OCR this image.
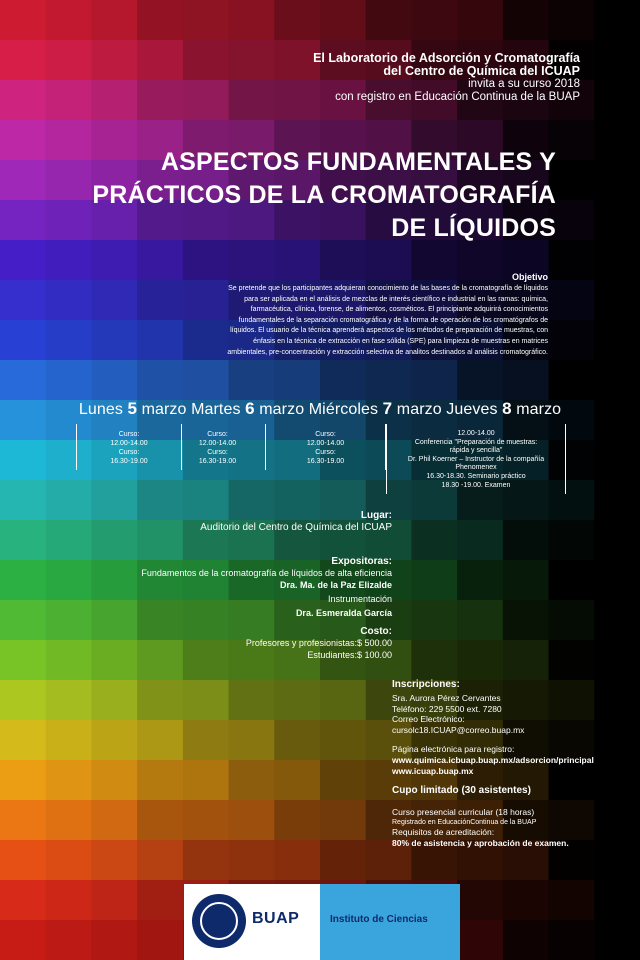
El Laboratorio de Adsorción y Cromatografía
del Centro de Química del ICUAP
invita a su curso 2018
con registro en Educación Continua de la BUAP
ASPECTOS FUNDAMENTALES Y
PRÁCTICOS DE LA CROMATOGRAFÍA
DE LÍQUIDOS
Objetivo
Se pretende que los participantes adquieran conocimiento de las bases de la cromatografía de líquidos para ser aplicada en el análisis de mezclas de interés científico e industrial en las ramas: química, farmacéutica, clínica, forense, de alimentos, cosméticos. El principiante adquirirá conocimientos fundamentales de la separación cromatográfica y de la forma de operación de los cromatógrafos de líquidos. El usuario de la técnica aprenderá aspectos de los métodos de preparación de muestras, con énfasis en la técnica de extracción en fase sólida (SPE) para limpieza de muestras en matrices ambientales, pre-concentración y extracción selectiva de analitos destinados al análisis cromatográfico.
Lunes 5 marzo Martes 6 marzo Miércoles 7 marzo Jueves 8 marzo
Curso:
12.00-14.00
Curso:
16.30-19.00
Curso:
12.00-14.00
Curso:
16.30-19.00
Curso:
12.00-14.00
Curso:
16.30-19.00
12.00-14.00
Conferencia "Preparación de muestras:
rápida y sencilla"
Dr. Phil Koerner – Instructor de la compañía
Phenomenex
16.30-18.30. Seminario práctico
18.30 -19.00. Examen
Lugar:
Auditorio del Centro de Química del ICUAP
Expositoras:
Fundamentos de la cromatografía de líquidos de alta eficiencia
Dra. Ma. de la Paz Elizalde
Instrumentación
Dra. Esmeralda García
Costo:
Profesores y profesionistas:$ 500.00
Estudiantes:$ 100.00
Inscripciones:
Sra. Aurora Pérez Cervantes
Teléfono: 229 5500 ext. 7280
Correo Electrónico:
cursolc18.ICUAP@correo.buap.mx
Página electrónica para registro:
www.quimica.icbuap.buap.mx/adsorcion/principal
www.icuap.buap.mx
Cupo limitado (30 asistentes)
Curso presencial curricular (18 horas)
Registrado en EducaciónContinua de la BUAP
Requisitos de acreditación:
80% de asistencia y aprobación de examen.
BUAP	Instituto de Ciencias
